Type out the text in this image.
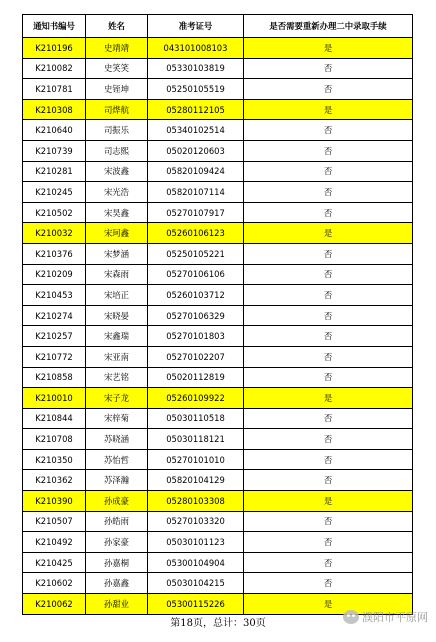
通知书编号	姓名	准考证号	是否需要重新办理二中录取手续
K210196	史靖靖	043101008103	是
K210082	史笑笑	05330103819	否
K210781	史铚坤	05250105519	否
K210308	司烨航	05280112105	是
K210640	司振乐	05340102514	否
K210739	司志熙	05020120603	否
K210281	宋波鑫	05820109424	否
K210245	宋光浩	05820107114	否
K210502	宋昊鑫	05270107917	否
K210032	宋珂鑫	05260106123	是
K210376	宋梦涵	05250105221	否
K210209	宋森雨	05270106106	否
K210453	宋培正	05260103712	否
K210274	宋晓晏	05270106329	否
K210257	宋鑫瑞	05270101803	否
K210772	宋亚南	05270102207	否
K210858	宋艺铭	05020112819	否
K210010	宋子龙	05260109922	是
K210844	宋梓菊	05030110518	否
K210708	苏晓涵	05030118121	否
K210350	苏怡哲	05270101010	否
K210362	苏泽瀚	05820104129	否
K210390	孙成豪	05280103308	是
K210507	孙皓雨	05270103320	否
K210492	孙家豪	05030101123	否
K210425	孙嘉桐	05300104904	否
K210602	孙嘉鑫	05030104215	否
K210062	孙甜业	05300115226	是
第18页，总计：30页	濮阳市平原网
